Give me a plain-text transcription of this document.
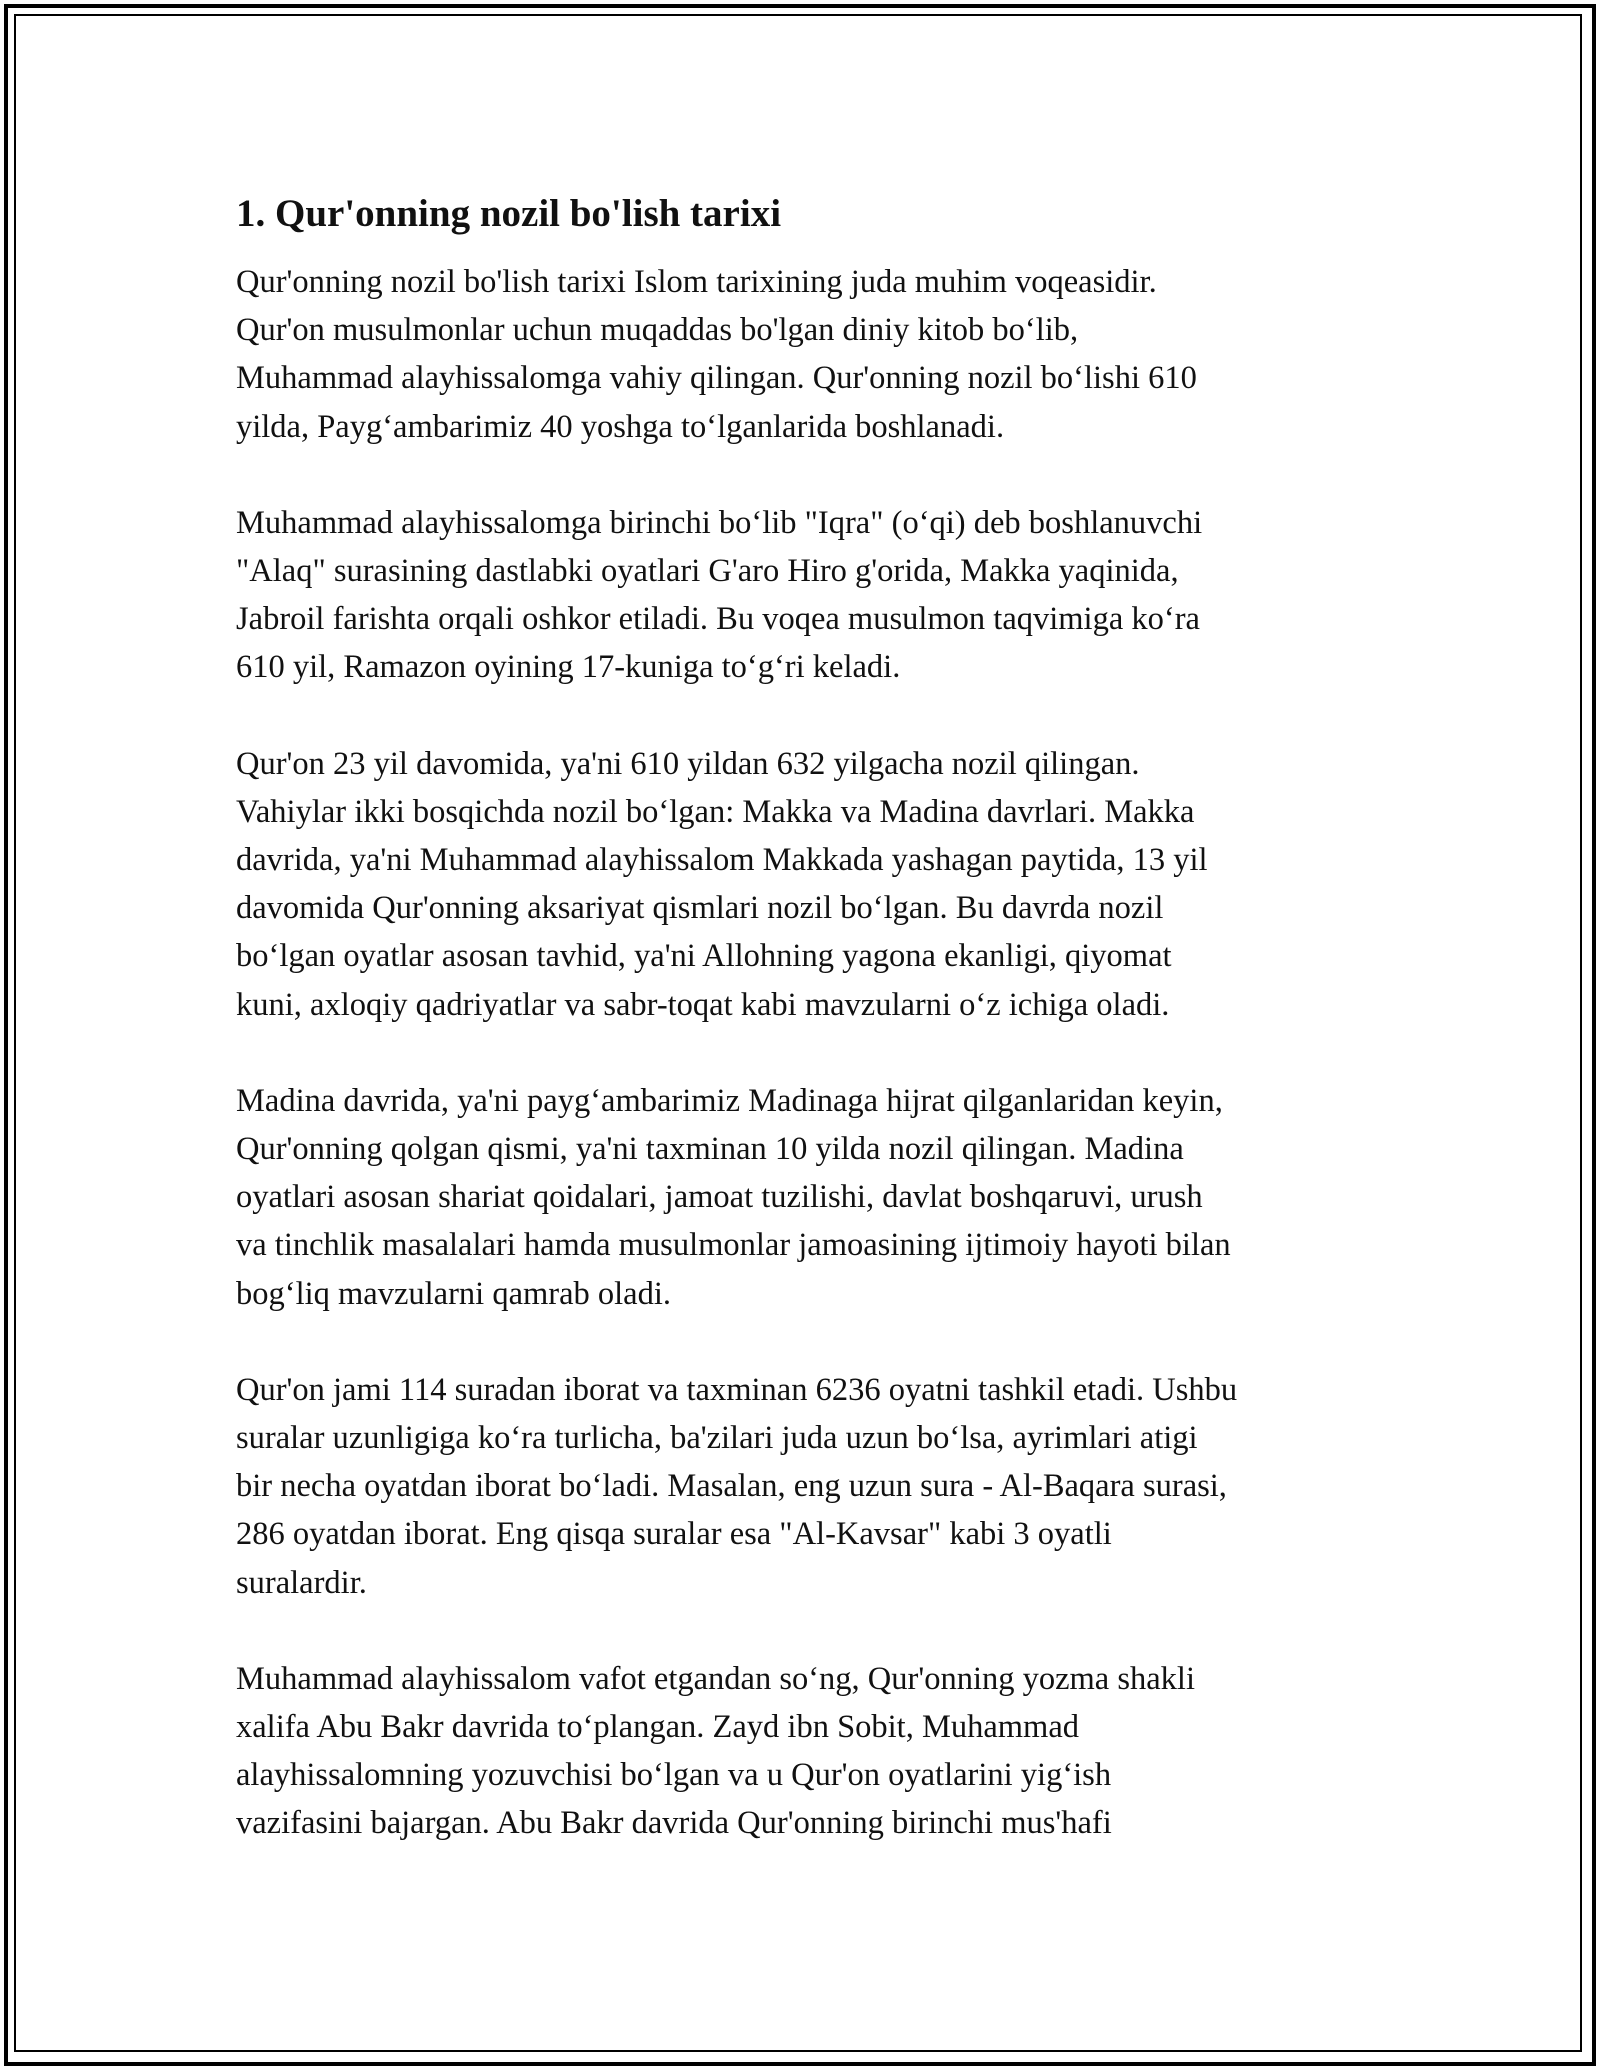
1. Qur'onning nozil bo'lish tarixi

Qur'onning nozil bo'lish tarixi Islom tarixining juda muhim voqeasidir.
Qur'on musulmonlar uchun muqaddas bo'lgan diniy kitob bo‘lib,
Muhammad alayhissalomga vahiy qilingan. Qur'onning nozil bo‘lishi 610
yilda, Payg‘ambarimiz 40 yoshga to‘lganlarida boshlanadi.

Muhammad alayhissalomga birinchi bo‘lib "Iqra" (o‘qi) deb boshlanuvchi
"Alaq" surasining dastlabki oyatlari G'aro Hiro g'orida, Makka yaqinida,
Jabroil farishta orqali oshkor etiladi. Bu voqea musulmon taqvimiga ko‘ra
610 yil, Ramazon oyining 17-kuniga to‘g‘ri keladi.

Qur'on 23 yil davomida, ya'ni 610 yildan 632 yilgacha nozil qilingan.
Vahiylar ikki bosqichda nozil bo‘lgan: Makka va Madina davrlari. Makka
davrida, ya'ni Muhammad alayhissalom Makkada yashagan paytida, 13 yil
davomida Qur'onning aksariyat qismlari nozil bo‘lgan. Bu davrda nozil
bo‘lgan oyatlar asosan tavhid, ya'ni Allohning yagona ekanligi, qiyomat
kuni, axloqiy qadriyatlar va sabr-toqat kabi mavzularni o‘z ichiga oladi.

Madina davrida, ya'ni payg‘ambarimiz Madinaga hijrat qilganlaridan keyin,
Qur'onning qolgan qismi, ya'ni taxminan 10 yilda nozil qilingan. Madina
oyatlari asosan shariat qoidalari, jamoat tuzilishi, davlat boshqaruvi, urush
va tinchlik masalalari hamda musulmonlar jamoasining ijtimoiy hayoti bilan
bog‘liq mavzularni qamrab oladi.

Qur'on jami 114 suradan iborat va taxminan 6236 oyatni tashkil etadi. Ushbu
suralar uzunligiga ko‘ra turlicha, ba'zilari juda uzun bo‘lsa, ayrimlari atigi
bir necha oyatdan iborat bo‘ladi. Masalan, eng uzun sura - Al-Baqara surasi,
286 oyatdan iborat. Eng qisqa suralar esa "Al-Kavsar" kabi 3 oyatli
suralardir.

Muhammad alayhissalom vafot etgandan so‘ng, Qur'onning yozma shakli
xalifa Abu Bakr davrida to‘plangan. Zayd ibn Sobit, Muhammad
alayhissalomning yozuvchisi bo‘lgan va u Qur'on oyatlarini yig‘ish
vazifasini bajargan. Abu Bakr davrida Qur'onning birinchi mus'hafi
